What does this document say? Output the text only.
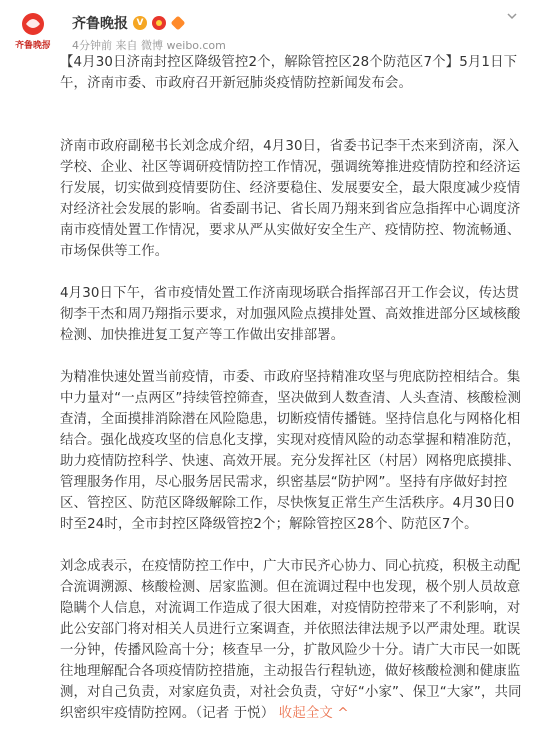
齐鲁晚报
齐鲁晚报
V
4分钟前 来自 微博 weibo.com

【4月30日济南封控区降级管控2个，解除管控区28个防范区7个】5月1日下午，济南市委、市政府召开新冠肺炎疫情防控新闻发布会。

济南市政府副秘书长刘念成介绍，4月30日，省委书记李干杰来到济南，深入学校、企业、社区等调研疫情防控工作情况，强调统筹推进疫情防控和经济运行发展，切实做到疫情要防住、经济要稳住、发展要安全，最大限度减少疫情对经济社会发展的影响。省委副书记、省长周乃翔来到省应急指挥中心调度济南市疫情处置工作情况，要求从严从实做好安全生产、疫情防控、物流畅通、市场保供等工作。

4月30日下午，省市疫情处置工作济南现场联合指挥部召开工作会议，传达贯彻李干杰和周乃翔指示要求，对加强风险点摸排处置、高效推进部分区域核酸检测、加快推进复工复产等工作做出安排部署。

为精准快速处置当前疫情，市委、市政府坚持精准攻坚与兜底防控相结合。集中力量对“一点两区”持续管控筛查，坚决做到人数查清、人头查清、核酸检测查清，全面摸排消除潜在风险隐患，切断疫情传播链。坚持信息化与网格化相结合。强化战疫攻坚的信息化支撑，实现对疫情风险的动态掌握和精准防范，助力疫情防控科学、快速、高效开展。充分发挥社区（村居）网格兜底摸排、管理服务作用，尽心服务居民需求，织密基层“防护网”。坚持有序做好封控区、管控区、防范区降级解除工作，尽快恢复正常生产生活秩序。4月30日0时至24时，全市封控区降级管控2个；解除管控区28个、防范区7个。

刘念成表示，在疫情防控工作中，广大市民齐心协力、同心抗疫，积极主动配合流调溯源、核酸检测、居家监测。但在流调过程中也发现，极个别人员故意隐瞒个人信息，对流调工作造成了很大困难，对疫情防控带来了不利影响，对此公安部门将对相关人员进行立案调查，并依照法律法规予以严肃处理。耽误一分钟，传播风险高十分；核查早一分，扩散风险少十分。请广大市民一如既往地理解配合各项疫情防控措施，主动报告行程轨迹，做好核酸检测和健康监测，对自己负责，对家庭负责，对社会负责，守好“小家”、保卫“大家”，共同织密织牢疫情防控网。（记者 于悦） 收起全文 ^
